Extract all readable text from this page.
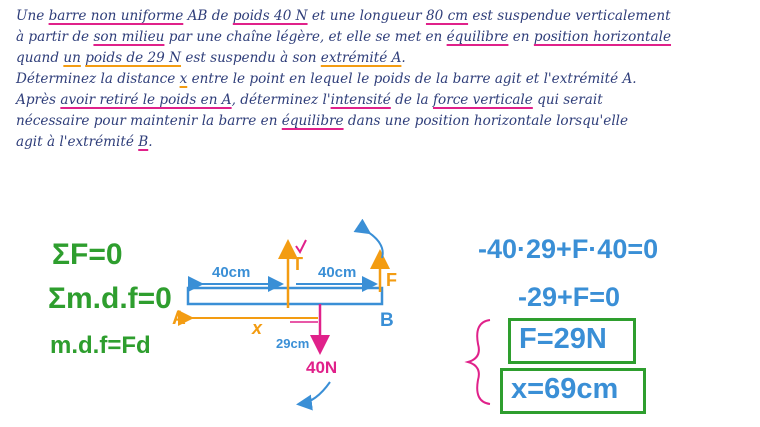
Une barre non uniforme AB de poids 40 N et une longueur 80 cm est suspendue verticalement

à partir de son milieu par une chaîne légère, et elle se met en équilibre en position horizontale

quand un poids de 29 N est suspendu à son extrémité A.

Déterminez la distance x entre le point en lequel le poids de la barre agit et l'extrémité A.

Après avoir retiré le poids en A, déterminez l'intensité de la force verticale qui serait

nécessaire pour maintenir la barre en équilibre dans une position horizontale lorsqu'elle

agit à l'extrémité B.

ΣF=0
Σm.d.f=0
m.d.f=Fd
40cm	40cm
T
F
A	B
x
29cm
40N
-40·29+F·40=0
-29+F=0
F=29N
x=69cm
